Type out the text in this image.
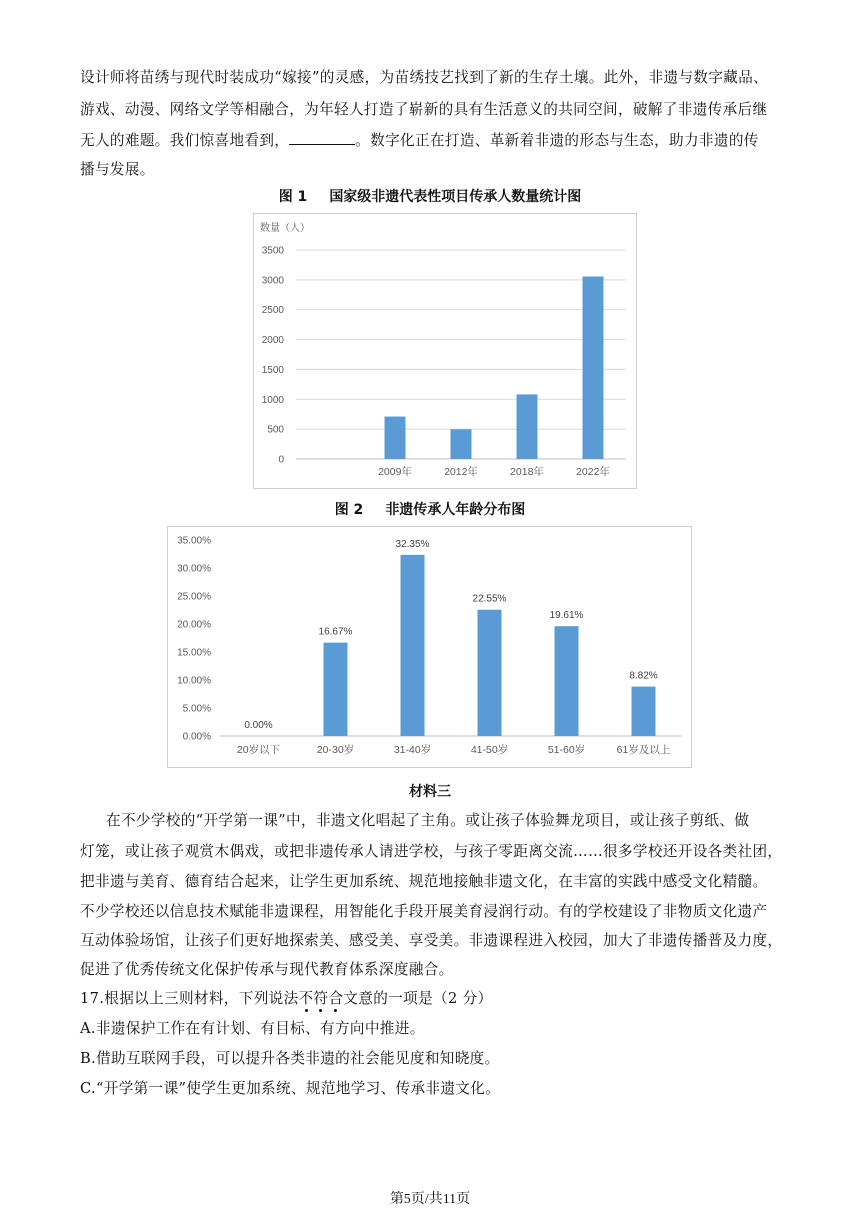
设计师将苗绣与现代时装成功“嫁接”的灵感，为苗绣技艺找到了新的生存土壤。此外，非遗与数字藏品、
游戏、动漫、网络文学等相融合，为年轻人打造了崭新的具有生活意义的共同空间，破解了非遗传承后继
无人的难题。我们惊喜地看到，	。数字化正在打造、革新着非遗的形态与生态，助力非遗的传
播与发展。
图 1 国家级非遗代表性项目传承人数量统计图
0
500
1000
1500
2000
2500
3000
3500
数量（人）
2009年	2012年	2018年	2022年
图 2 非遗传承人年龄分布图
0.00%
5.00%
10.00%
15.00%
20.00%
25.00%
30.00%
35.00%
20岁以下
0.00%
20-30岁
16.67%
31-40岁
32.35%
41-50岁
22.55%
51-60岁
19.61%
61岁及以上
8.82%
材料三
在不少学校的“开学第一课”中，非遗文化唱起了主角。或让孩子体验舞龙项目，或让孩子剪纸、做
灯笼，或让孩子观赏木偶戏，或把非遗传承人请进学校，与孩子零距离交流……很多学校还开设各类社团，
把非遗与美育、德育结合起来，让学生更加系统、规范地接触非遗文化，在丰富的实践中感受文化精髓。
不少学校还以信息技术赋能非遗课程，用智能化手段开展美育浸润行动。有的学校建设了非物质文化遗产
互动体验场馆，让孩子们更好地探索美、感受美、享受美。非遗课程进入校园，加大了非遗传播普及力度，
促进了优秀传统文化保护传承与现代教育体系深度融合。
17.根据以上三则材料，下列说法不符合文意的一项是（2 分）
A.非遗保护工作在有计划、有目标、有方向中推进。
B.借助互联网手段，可以提升各类非遗的社会能见度和知晓度。
C.“开学第一课”使学生更加系统、规范地学习、传承非遗文化。
第5页/共11页
